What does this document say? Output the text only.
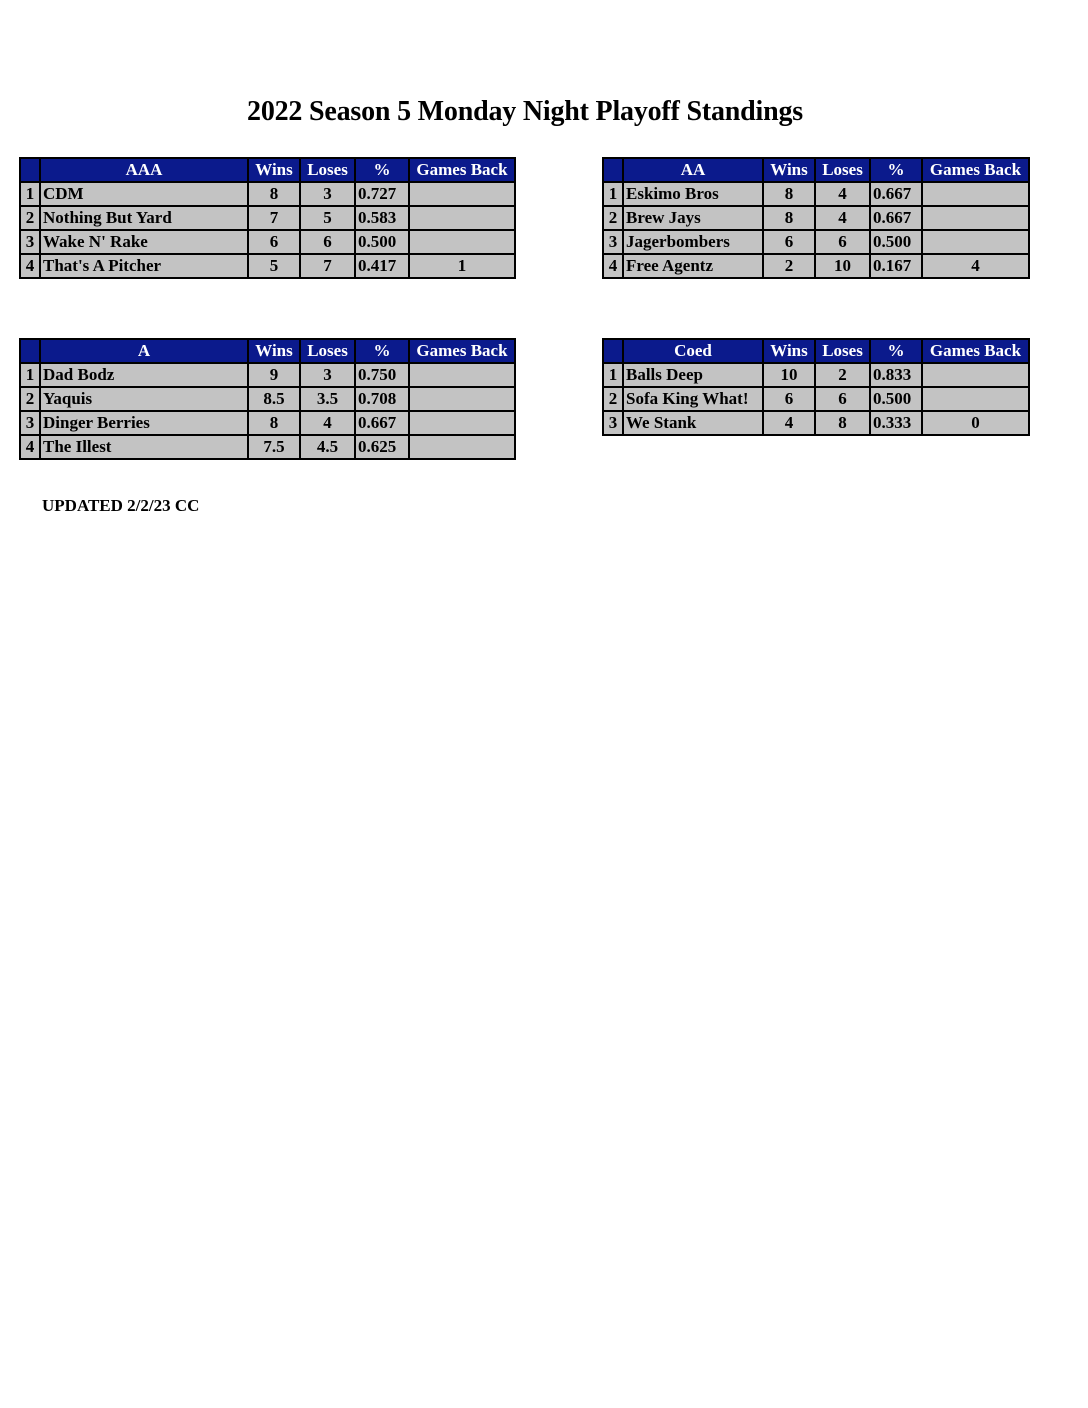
2022 Season 5 Monday Night Playoff Standings
	AAA	Wins	Loses	%	Games Back
1	CDM	8	3	0.727	
2	Nothing But Yard	7	5	0.583	
3	Wake N' Rake	6	6	0.500	
4	That's A Pitcher	5	7	0.417	1
	AA	Wins	Loses	%	Games Back
1	Eskimo Bros	8	4	0.667	
2	Brew Jays	8	4	0.667	
3	Jagerbombers	6	6	0.500	
4	Free Agentz	2	10	0.167	4
	A	Wins	Loses	%	Games Back
1	Dad Bodz	9	3	0.750	
2	Yaquis	8.5	3.5	0.708	
3	Dinger Berries	8	4	0.667	
4	The Illest	7.5	4.5	0.625	
	Coed	Wins	Loses	%	Games Back
1	Balls Deep	10	2	0.833	
2	Sofa King What!	6	6	0.500	
3	We Stank	4	8	0.333	0

UPDATED 2/2/23 CC
